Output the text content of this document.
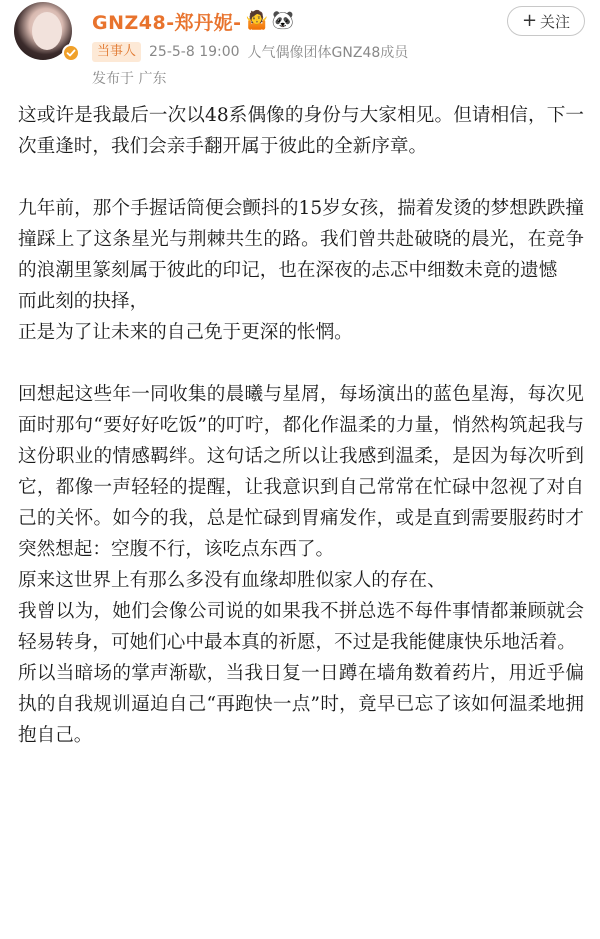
GNZ48-郑丹妮- 🤷 🐼	+ 关注
当事人 25-5-8 19:00 人气偶像团体GNZ48成员
发布于 广东

这或许是我最后一次以48系偶像的身份与大家相见。但请相信，下一次重逢时，我们会亲手翻开属于彼此的全新序章。

九年前，那个手握话筒便会颤抖的15岁女孩，揣着发烫的梦想跌跌撞撞踩上了这条星光与荆棘共生的路。我们曾共赴破晓的晨光，在竞争的浪潮里篆刻属于彼此的印记，也在深夜的忐忑中细数未竟的遗憾
而此刻的抉择，
正是为了让未来的自己免于更深的怅惘。

回想起这些年一同收集的晨曦与星屑，每场演出的蓝色星海，每次见面时那句“要好好吃饭”的叮咛，都化作温柔的力量，悄然构筑起我与这份职业的情感羁绊。这句话之所以让我感到温柔，是因为每次听到它，都像一声轻轻的提醒，让我意识到自己常常在忙碌中忽视了对自己的关怀。如今的我，总是忙碌到胃痛发作，或是直到需要服药时才突然想起：空腹不行，该吃点东西了。
原来这世界上有那么多没有血缘却胜似家人的存在、
我曾以为，她们会像公司说的如果我不拼总选不每件事情都兼顾就会轻易转身，可她们心中最本真的祈愿，不过是我能健康快乐地活着。
所以当暗场的掌声渐歇，当我日复一日蹲在墙角数着药片，用近乎偏执的自我规训逼迫自己“再跑快一点”时，竟早已忘了该如何温柔地拥抱自己。
